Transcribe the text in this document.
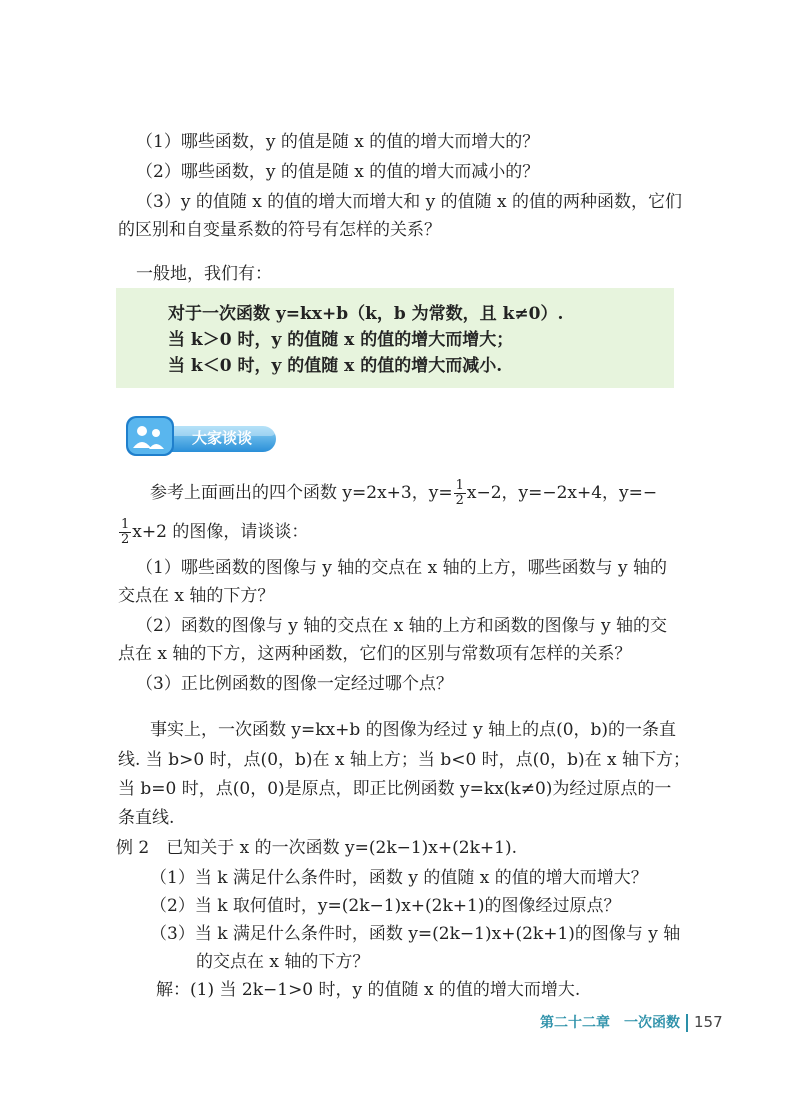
（1）哪些函数，y 的值是随 x 的值的增大而增大的？
（2）哪些函数，y 的值是随 x 的值的增大而减小的？
（3）y 的值随 x 的值的增大而增大和 y 的值随 x 的值的两种函数，它们
的区别和自变量系数的符号有怎样的关系？
一般地，我们有：
对于一次函数 y=kx+b（k，b 为常数，且 k≠0）.
当 k＞0 时，y 的值随 x 的值的增大而增大；
当 k＜0 时，y 的值随 x 的值的增大而减小.
大家谈谈
参考上面画出的四个函数 y=2x+3，$y= \frac{1}{2} x-2$，y=−2x+4，y=−
$\frac{1}{2} x+2$ 的图像，请谈谈：
（1）哪些函数的图像与 y 轴的交点在 x 轴的上方，哪些函数与 y 轴的
交点在 x 轴的下方？
（2）函数的图像与 y 轴的交点在 x 轴的上方和函数的图像与 y 轴的交
点在 x 轴的下方，这两种函数，它们的区别与常数项有怎样的关系？
（3）正比例函数的图像一定经过哪个点？
事实上，一次函数 y=kx+b 的图像为经过 y 轴上的点(0，b)的一条直
线. 当 b>0 时，点(0，b)在 x 轴上方；当 b<0 时，点(0，b)在 x 轴下方；
当 b=0 时，点(0，0)是原点，即正比例函数 y=kx(k≠0)为经过原点的一
条直线.
例 2　已知关于 x 的一次函数 y=(2k−1)x+(2k+1).
（1）当 k 满足什么条件时，函数 y 的值随 x 的值的增大而增大？
（2）当 k 取何值时，y=(2k−1)x+(2k+1)的图像经过原点？
（3）当 k 满足什么条件时，函数 y=(2k−1)x+(2k+1)的图像与 y 轴
的交点在 x 轴的下方？
解：(1) 当 2k−1>0 时，y 的值随 x 的值的增大而增大.
第二十二章　一次函数 157
